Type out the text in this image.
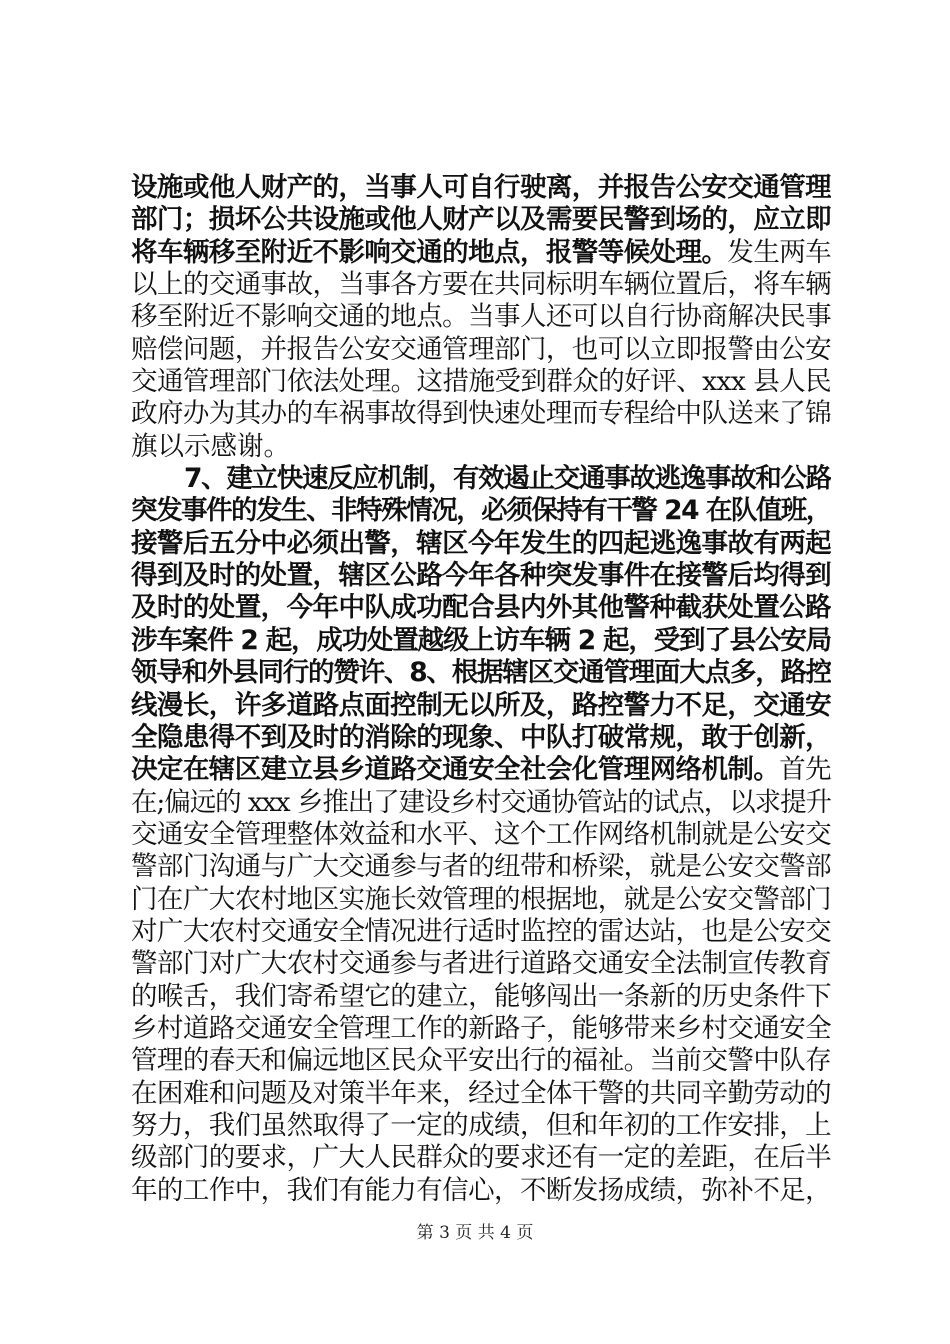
设施或他人财产的，当事人可自行驶离，并报告公安交通管理
部门；损坏公共设施或他人财产以及需要民警到场的，应立即
将车辆移至附近不影响交通的地点，报警等候处理。 发生两车
以上的交通事故，当事各方要在共同标明车辆位置后，将车辆
移至附近不影响交通的地点。当事人还可以自行协商解决民事
赔偿问题，并报告公安交通管理部门，也可以立即报警由公安
交通管理部门依法处理。这措施受到群众的好评、xxx 县人民
政府办为其办的车祸事故得到快速处理而专程给中队送来了锦
旗以示感谢。
7、建立快速反应机制，有效遏止交通事故逃逸事故和公路
突发事件的发生、非特殊情况，必须保持有干警 24 在队值班，
接警后五分中必须出警，辖区今年发生的四起逃逸事故有两起
得到及时的处置，辖区公路今年各种突发事件在接警后均得到
及时的处置，今年中队成功配合县内外其他警种截获处置公路
涉车案件 2 起，成功处置越级上访车辆 2 起，受到了县公安局
领导和外县同行的赞许、8、根据辖区交通管理面大点多，路控
线漫长，许多道路点面控制无以所及，路控警力不足，交通安
全隐患得不到及时的消除的现象、中队打破常规，敢于创新，
决定在辖区建立县乡道路交通安全社会化管理网络机制。 首先
在;偏远的 xxx 乡推出了建设乡村交通协管站的试点，以求提升
交通安全管理整体效益和水平、这个工作网络机制就是公安交
警部门沟通与广大交通参与者的纽带和桥梁，就是公安交警部
门在广大农村地区实施长效管理的根据地，就是公安交警部门
对广大农村交通安全情况进行适时监控的雷达站，也是公安交
警部门对广大农村交通参与者进行道路交通安全法制宣传教育
的喉舌，我们寄希望它的建立，能够闯出一条新的历史条件下
乡村道路交通安全管理工作的新路子，能够带来乡村交通安全
管理的春天和偏远地区民众平安出行的福祉。当前交警中队存
在困难和问题及对策半年来，经过全体干警的共同辛勤劳动的
努力，我们虽然取得了一定的成绩，但和年初的工作安排，上
级部门的要求，广大人民群众的要求还有一定的差距，在后半
年的工作中，我们有能力有信心，不断发扬成绩，弥补不足，
第 3 页 共 4 页
